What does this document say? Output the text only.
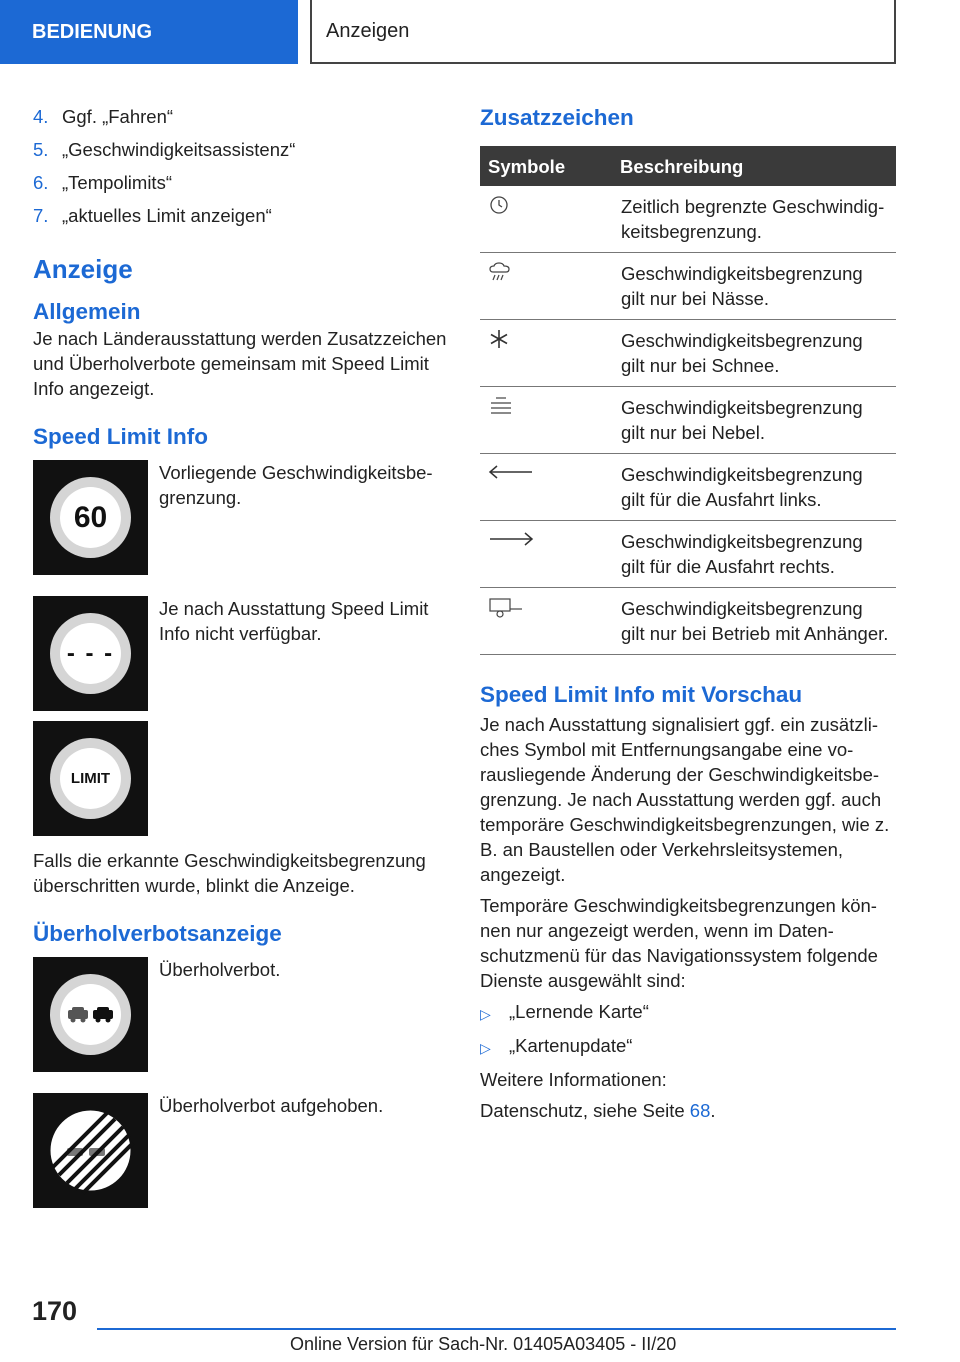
BEDIENUNG	Anzeigen
4. Ggf. „Fahren“
5. „Geschwindigkeitsassistenz“
6. „Tempolimits“
7. „aktuelles Limit anzeigen“
Anzeige
Allgemein

Je nach Länderausstattung werden Zusatzzeichen und Überholverbote gemeinsam mit Speed Limit Info angezeigt.

Speed Limit Info
60

Vorliegende Geschwindigkeitsbegrenzung.

- - -

Je nach Ausstattung Speed Limit Info nicht verfügbar.

LIMIT

Falls die erkannte Geschwindigkeitsbegrenzung überschritten wurde, blinkt die Anzeige.

Überholverbotsanzeige

Überholverbot.

Überholverbot aufgehoben.

Zusatzzeichen
Symbole	Beschreibung
	Zeitlich begrenzte Geschwindigkeitsbegrenzung.
	Geschwindigkeitsbegrenzung gilt nur bei Nässe.
	Geschwindigkeitsbegrenzung gilt nur bei Schnee.
	Geschwindigkeitsbegrenzung gilt nur bei Nebel.
	Geschwindigkeitsbegrenzung gilt für die Ausfahrt links.
	Geschwindigkeitsbegrenzung gilt für die Ausfahrt rechts.
	Geschwindigkeitsbegrenzung gilt nur bei Betrieb mit Anhänger.
Speed Limit Info mit Vorschau

Je nach Ausstattung signalisiert ggf. ein zusätzliches Symbol mit Entfernungsangabe eine vorausliegende Änderung der Geschwindigkeitsbegrenzung. Je nach Ausstattung werden ggf. auch temporäre Geschwindigkeitsbegrenzungen, wie z. B. an Baustellen oder Verkehrsleitsystemen, angezeigt.

Temporäre Geschwindigkeitsbegrenzungen können nur angezeigt werden, wenn im Datenschutzmenü für das Navigationssystem folgende Dienste ausgewählt sind:

▷ „Lernende Karte“
▷ „Kartenupdate“

Weitere Informationen:

Datenschutz, siehe Seite 68.

170
Online Version für Sach-Nr. 01405A03405 - II/20
